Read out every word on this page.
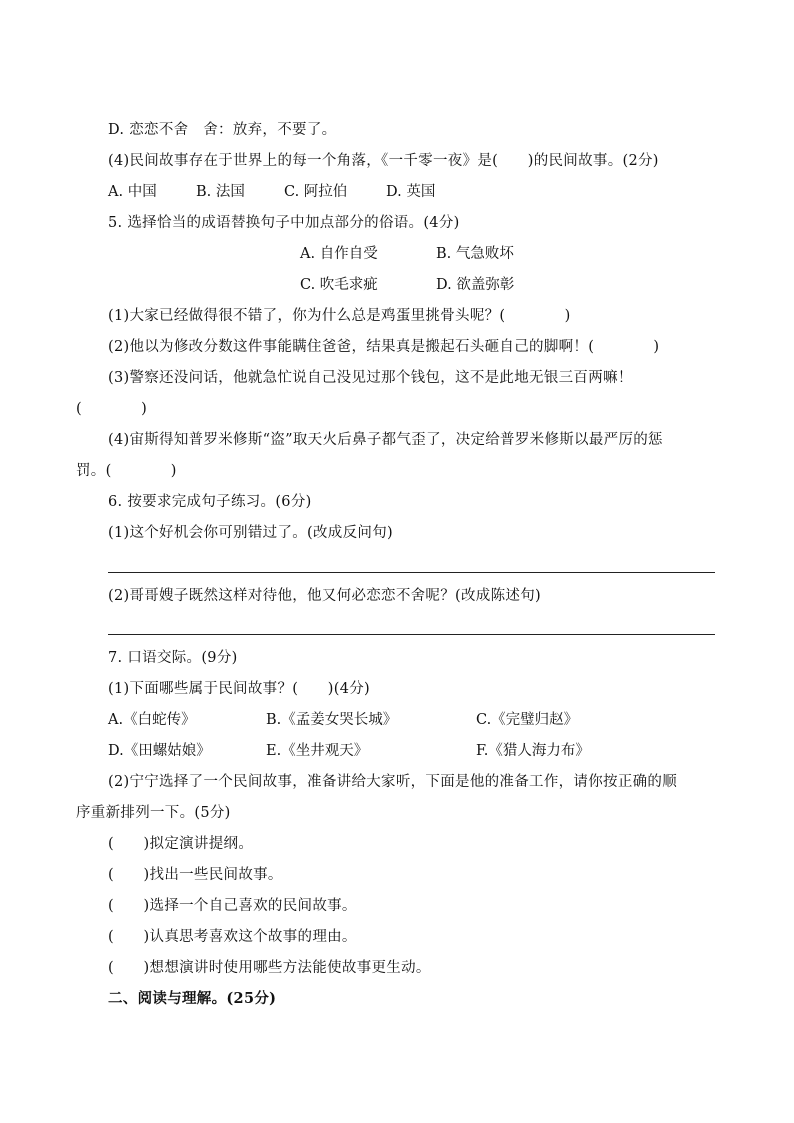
D. 恋恋不舍　舍：放弃，不要了。
(4)民间故事存在于世界上的每一个角落，《一千零一夜》是(　　)的民间故事。(2分)
A. 中国	B. 法国	C. 阿拉伯	D. 英国
5. 选择恰当的成语替换句子中加点部分的俗语。(4分)
A. 自作自受	B. 气急败坏
C. 吹毛求疵	D. 欲盖弥彰
(1)大家已经做得很不错了，你为什么总是鸡蛋里挑骨头呢？(　　　　)
(2)他以为修改分数这件事能瞒住爸爸，结果真是搬起石头砸自己的脚啊！(　　　　)
(3)警察还没问话，他就急忙说自己没见过那个钱包，这不是此地无银三百两嘛！
(　　　　)
(4)宙斯得知普罗米修斯“盗”取天火后鼻子都气歪了，决定给普罗米修斯以最严厉的惩
罚。(　　　　)
6. 按要求完成句子练习。(6分)
(1)这个好机会你可别错过了。(改成反问句)
(2)哥哥嫂子既然这样对待他，他又何必恋恋不舍呢？(改成陈述句)
7. 口语交际。(9分)
(1)下面哪些属于民间故事？(　　)(4分)
A.《白蛇传》	B.《孟姜女哭长城》	C.《完璧归赵》
D.《田螺姑娘》	E.《坐井观天》	F.《猎人海力布》
(2)宁宁选择了一个民间故事，准备讲给大家听，下面是他的准备工作，请你按正确的顺
序重新排列一下。(5分)
(　　)拟定演讲提纲。
(　　)找出一些民间故事。
(　　)选择一个自己喜欢的民间故事。
(　　)认真思考喜欢这个故事的理由。
(　　)想想演讲时使用哪些方法能使故事更生动。
二、阅读与理解。(25分)
